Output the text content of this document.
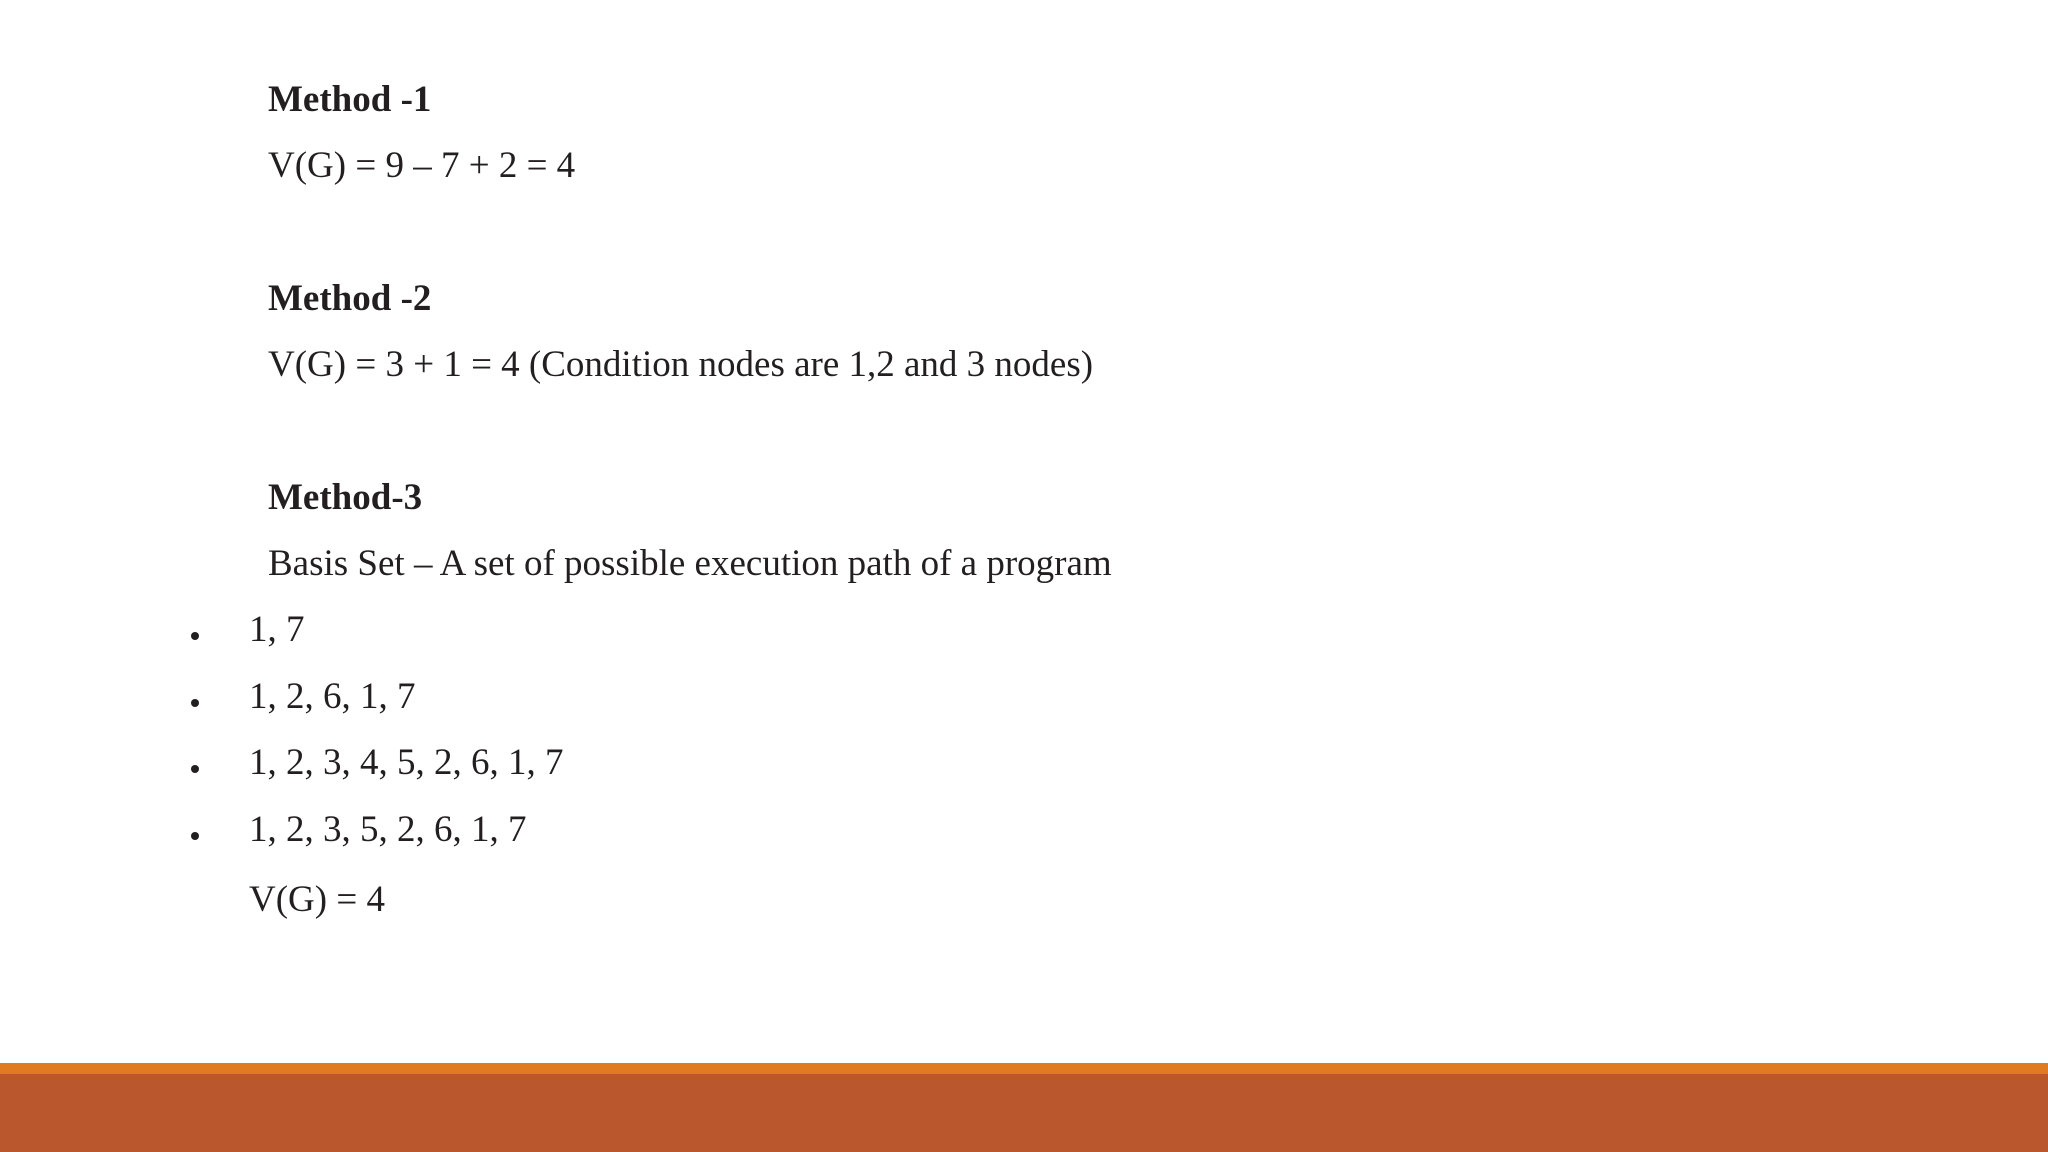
Method -1
V(G) = 9 – 7 + 2 = 4
Method -2
V(G) = 3 + 1 = 4 (Condition nodes are 1,2 and 3 nodes)
Method-3
Basis Set – A set of possible execution path of a program
1, 7
1, 2, 6, 1, 7
1, 2, 3, 4, 5, 2, 6, 1, 7
1, 2, 3, 5, 2, 6, 1, 7
V(G) = 4
